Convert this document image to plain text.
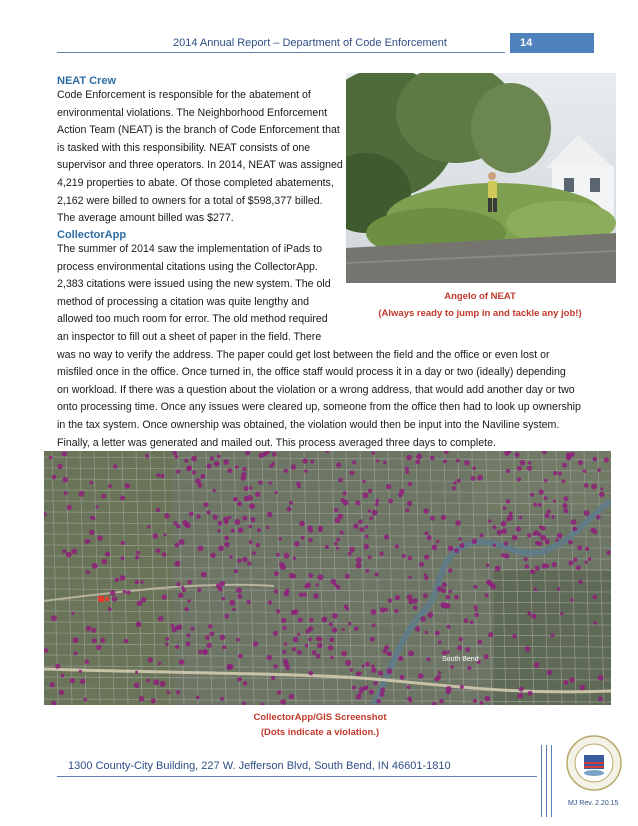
2014 Annual Report – Department of Code Enforcement	14
NEAT Crew
Code Enforcement is responsible for the abatement of
environmental violations. The Neighborhood Enforcement
Action Team (NEAT) is the branch of Code Enforcement that
is tasked with this responsibility. NEAT consists of one
supervisor and three operators. In 2014, NEAT was assigned
4,219 properties to abate. Of those completed abatements,
2,162 were billed to owners for a total of $598,377 billed.
The average amount billed was $277.
CollectorApp
The summer of 2014 saw the implementation of iPads to
process environmental citations using the CollectorApp.
2,383 citations were issued using the new system. The old
method of processing a citation was quite lengthy and
allowed too much room for error. The old method required
an inspector to fill out a sheet of paper in the field. There
was no way to verify the address. The paper could get lost between the field and the office or even lost or
misfiled once in the office. Once turned in, the office staff would process it in a day or two (ideally) depending
on workload. If there was a question about the violation or a wrong address, that would add another day or two
onto processing time. Once any issues were cleared up, someone from the office then had to look up ownership
in the tax system. Once ownership was obtained, the violation would then be input into the Naviline system.
Finally, a letter was generated and mailed out. This process averaged three days to complete.
Angelo of NEAT
(Always ready to jump in and tackle any job!)
South Bend
CollectorApp/GIS Screenshot
(Dots indicate a violation.)
1300 County-City Building, 227 W. Jefferson Blvd, South Bend, IN 46601-1810
MJ Rev. 2.20.15
